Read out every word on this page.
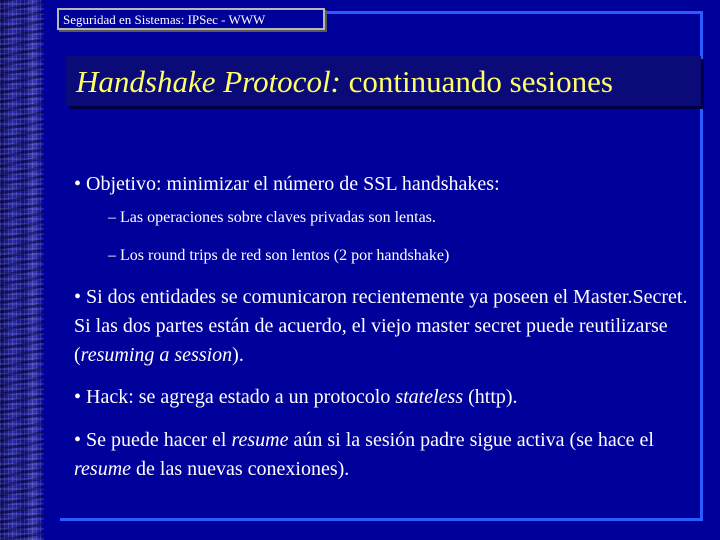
Seguridad en Sistemas: IPSec - WWW
Handshake Protocol: continuando sesiones
• Objetivo: minimizar el número de SSL handshakes:
– Las operaciones sobre claves privadas son lentas.
– Los round trips de red son lentos (2 por handshake)
• Si dos entidades se comunicaron recientemente ya poseen el Master.Secret. Si las dos partes están de acuerdo, el viejo master secret puede reutilizarse (resuming a session).
• Hack: se agrega estado a un protocolo stateless (http).
• Se puede hacer el resume aún si la sesión padre sigue activa (se hace el resume de las nuevas conexiones).
